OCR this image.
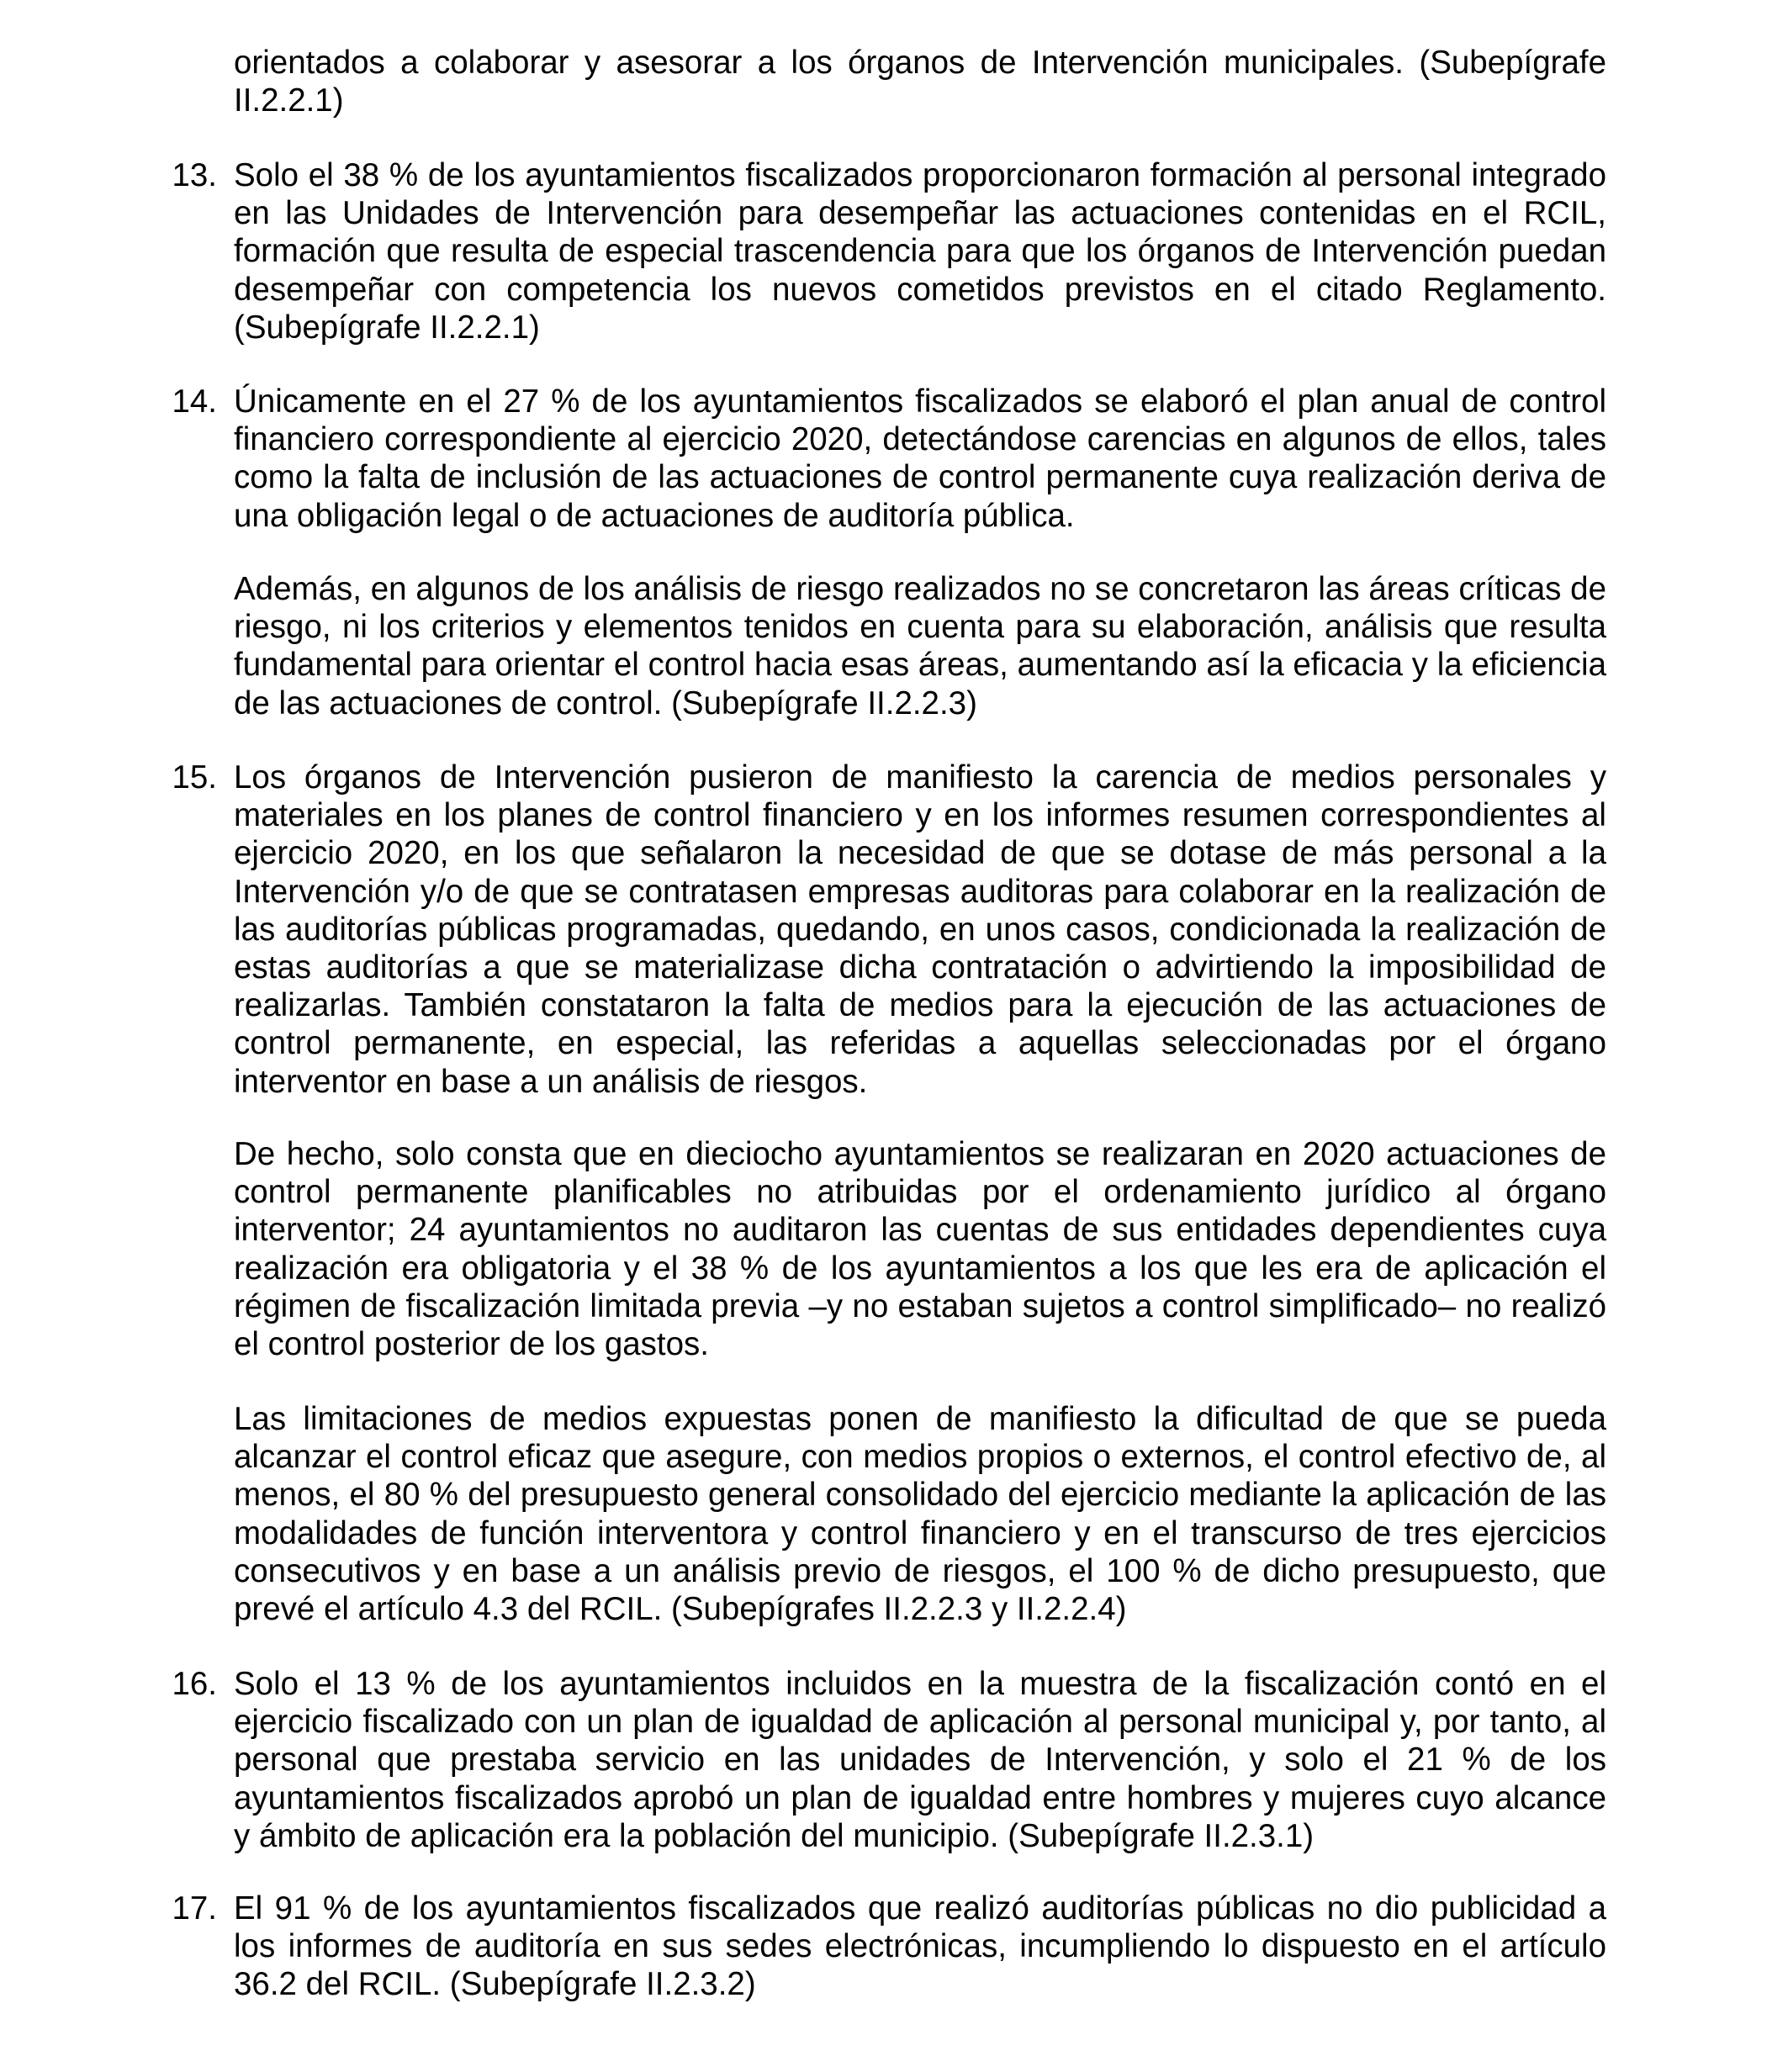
orientados a colaborar y asesorar a los órganos de Intervención municipales. (Subepígrafe II.2.2.1)

13. Solo el 38 % de los ayuntamientos fiscalizados proporcionaron formación al personal integrado en las Unidades de Intervención para desempeñar las actuaciones contenidas en el RCIL, formación que resulta de especial trascendencia para que los órganos de Intervención puedan desempeñar con competencia los nuevos cometidos previstos en el citado Reglamento. (Subepígrafe II.2.2.1)

14. Únicamente en el 27 % de los ayuntamientos fiscalizados se elaboró el plan anual de control financiero correspondiente al ejercicio 2020, detectándose carencias en algunos de ellos, tales como la falta de inclusión de las actuaciones de control permanente cuya realización deriva de una obligación legal o de actuaciones de auditoría pública.

Además, en algunos de los análisis de riesgo realizados no se concretaron las áreas críticas de riesgo, ni los criterios y elementos tenidos en cuenta para su elaboración, análisis que resulta fundamental para orientar el control hacia esas áreas, aumentando así la eficacia y la eficiencia de las actuaciones de control. (Subepígrafe II.2.2.3)

15. Los órganos de Intervención pusieron de manifiesto la carencia de medios personales y materiales en los planes de control financiero y en los informes resumen correspondientes al ejercicio 2020, en los que señalaron la necesidad de que se dotase de más personal a la Intervención y/o de que se contratasen empresas auditoras para colaborar en la realización de las auditorías públicas programadas, quedando, en unos casos, condicionada la realización de estas auditorías a que se materializase dicha contratación o advirtiendo la imposibilidad de realizarlas. También constataron la falta de medios para la ejecución de las actuaciones de control permanente, en especial, las referidas a aquellas seleccionadas por el órgano interventor en base a un análisis de riesgos.

De hecho, solo consta que en dieciocho ayuntamientos se realizaran en 2020 actuaciones de control permanente planificables no atribuidas por el ordenamiento jurídico al órgano interventor; 24 ayuntamientos no auditaron las cuentas de sus entidades dependientes cuya realización era obligatoria y el 38 % de los ayuntamientos a los que les era de aplicación el régimen de fiscalización limitada previa –y no estaban sujetos a control simplificado– no realizó el control posterior de los gastos.

Las limitaciones de medios expuestas ponen de manifiesto la dificultad de que se pueda alcanzar el control eficaz que asegure, con medios propios o externos, el control efectivo de, al menos, el 80 % del presupuesto general consolidado del ejercicio mediante la aplicación de las modalidades de función interventora y control financiero y en el transcurso de tres ejercicios consecutivos y en base a un análisis previo de riesgos, el 100 % de dicho presupuesto, que prevé el artículo 4.3 del RCIL. (Subepígrafes II.2.2.3 y II.2.2.4)

16. Solo el 13 % de los ayuntamientos incluidos en la muestra de la fiscalización contó en el ejercicio fiscalizado con un plan de igualdad de aplicación al personal municipal y, por tanto, al personal que prestaba servicio en las unidades de Intervención, y solo el 21 % de los ayuntamientos fiscalizados aprobó un plan de igualdad entre hombres y mujeres cuyo alcance y ámbito de aplicación era la población del municipio. (Subepígrafe II.2.3.1)

17. El 91 % de los ayuntamientos fiscalizados que realizó auditorías públicas no dio publicidad a los informes de auditoría en sus sedes electrónicas, incumpliendo lo dispuesto en el artículo 36.2 del RCIL. (Subepígrafe II.2.3.2)
